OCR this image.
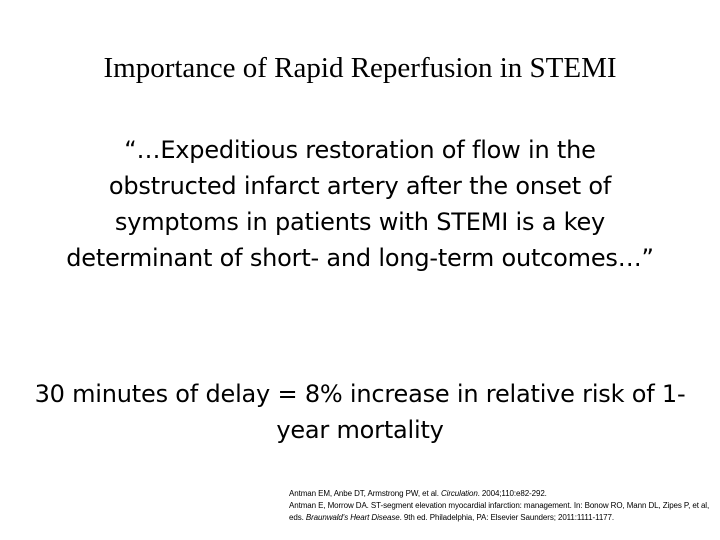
Importance of Rapid Reperfusion in STEMI

“…Expeditious restoration of flow in the obstructed infarct artery after the onset of symptoms in patients with STEMI is a key determinant of short- and long-term outcomes…”

30 minutes of delay = 8% increase in relative risk of 1-year mortality

Antman EM, Anbe DT, Armstrong PW, et al. Circulation. 2004;110:e82-292.

Antman E, Morrow DA. ST-segment elevation myocardial infarction: management. In: Bonow RO, Mann DL, Zipes P, et al, eds. Braunwald's Heart Disease. 9th ed. Philadelphia, PA: Elsevier Saunders; 2011:1111-1177.
